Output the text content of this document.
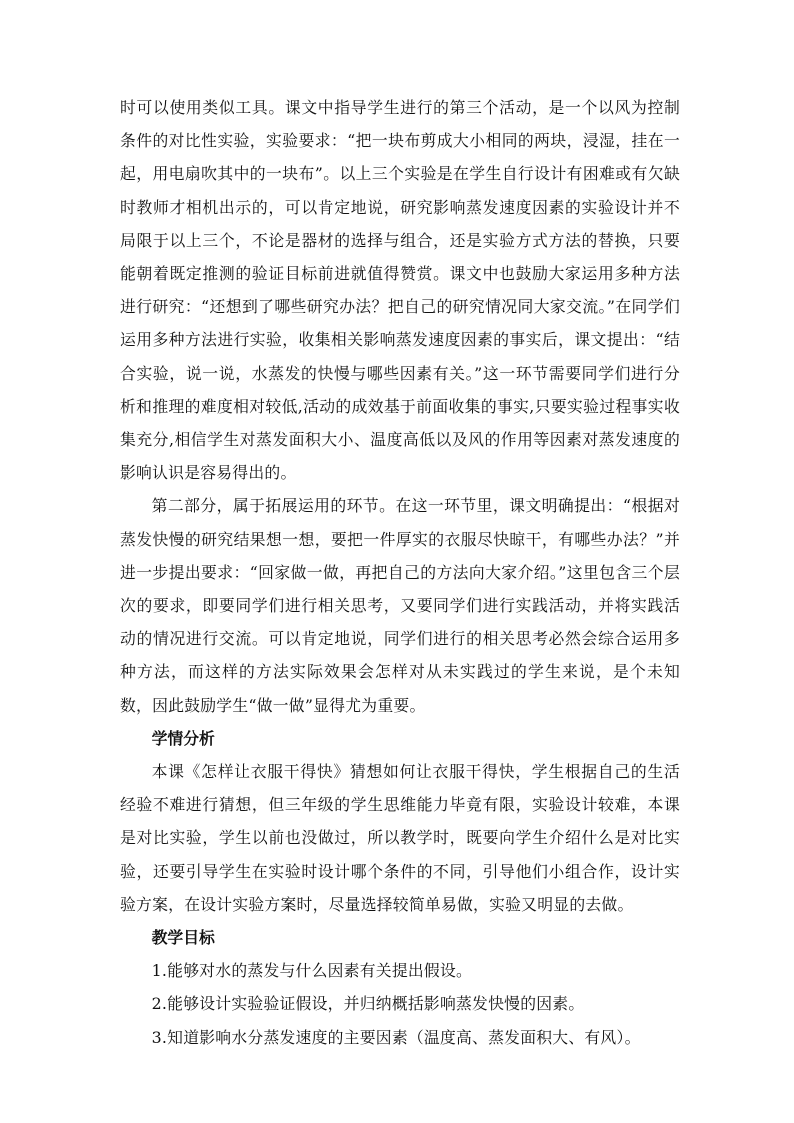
时可以使用类似工具。课文中指导学生进行的第三个活动，是一个以风为控制条件的对比性实验，实验要求：“把一块布剪成大小相同的两块，浸湿，挂在一起，用电扇吹其中的一块布”。以上三个实验是在学生自行设计有困难或有欠缺时教师才相机出示的，可以肯定地说，研究影响蒸发速度因素的实验设计并不局限于以上三个，不论是器材的选择与组合，还是实验方式方法的替换，只要能朝着既定推测的验证目标前进就值得赞赏。课文中也鼓励大家运用多种方法进行研究：“还想到了哪些研究办法？把自己的研究情况同大家交流。”在同学们运用多种方法进行实验，收集相关影响蒸发速度因素的事实后，课文提出：“结合实验，说一说，水蒸发的快慢与哪些因素有关。”这一环节需要同学们进行分析和推理的难度相对较低,活动的成效基于前面收集的事实,只要实验过程事实收集充分,相信学生对蒸发面积大小、温度高低以及风的作用等因素对蒸发速度的影响认识是容易得出的。

第二部分，属于拓展运用的环节。在这一环节里，课文明确提出：“根据对蒸发快慢的研究结果想一想，要把一件厚实的衣服尽快晾干，有哪些办法？”并进一步提出要求：“回家做一做，再把自己的方法向大家介绍。”这里包含三个层次的要求，即要同学们进行相关思考，又要同学们进行实践活动，并将实践活动的情况进行交流。可以肯定地说，同学们进行的相关思考必然会综合运用多种方法，而这样的方法实际效果会怎样对从未实践过的学生来说，是个未知数，因此鼓励学生“做一做”显得尤为重要。

学情分析

本课《怎样让衣服干得快》猜想如何让衣服干得快，学生根据自己的生活经验不难进行猜想，但三年级的学生思维能力毕竟有限，实验设计较难，本课是对比实验，学生以前也没做过，所以教学时，既要向学生介绍什么是对比实验，还要引导学生在实验时设计哪个条件的不同，引导他们小组合作，设计实验方案，在设计实验方案时，尽量选择较简单易做，实验又明显的去做。

教学目标

1.能够对水的蒸发与什么因素有关提出假设。

2.能够设计实验验证假设，并归纳概括影响蒸发快慢的因素。

3.知道影响水分蒸发速度的主要因素（温度高、蒸发面积大、有风）。
